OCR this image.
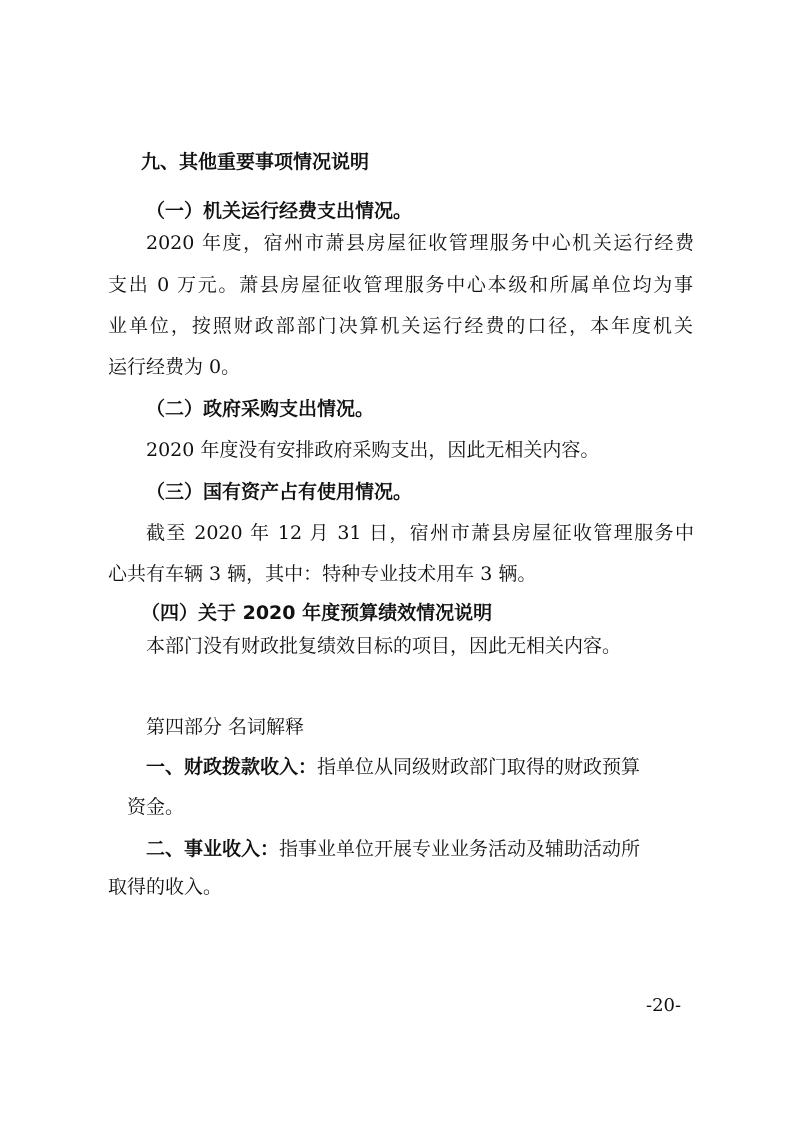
九、其他重要事项情况说明
（一）机关运行经费支出情况。
2020 年度，宿州市萧县房屋征收管理服务中心机关运行经费
支出 0 万元。萧县房屋征收管理服务中心本级和所属单位均为事
业单位，按照财政部部门决算机关运行经费的口径，本年度机关
运行经费为 0。
（二）政府采购支出情况。
2020 年度没有安排政府采购支出，因此无相关内容。
（三）国有资产占有使用情况。
截至 2020 年 12 月 31 日，宿州市萧县房屋征收管理服务中
心共有车辆 3 辆，其中：特种专业技术用车 3 辆。
（四）关于 2020 年度预算绩效情况说明
本部门没有财政批复绩效目标的项目，因此无相关内容。
第四部分 名词解释
一、财政拨款收入：指单位从同级财政部门取得的财政预算
资金。
二、事业收入：指事业单位开展专业业务活动及辅助活动所
取得的收入。
-20-
